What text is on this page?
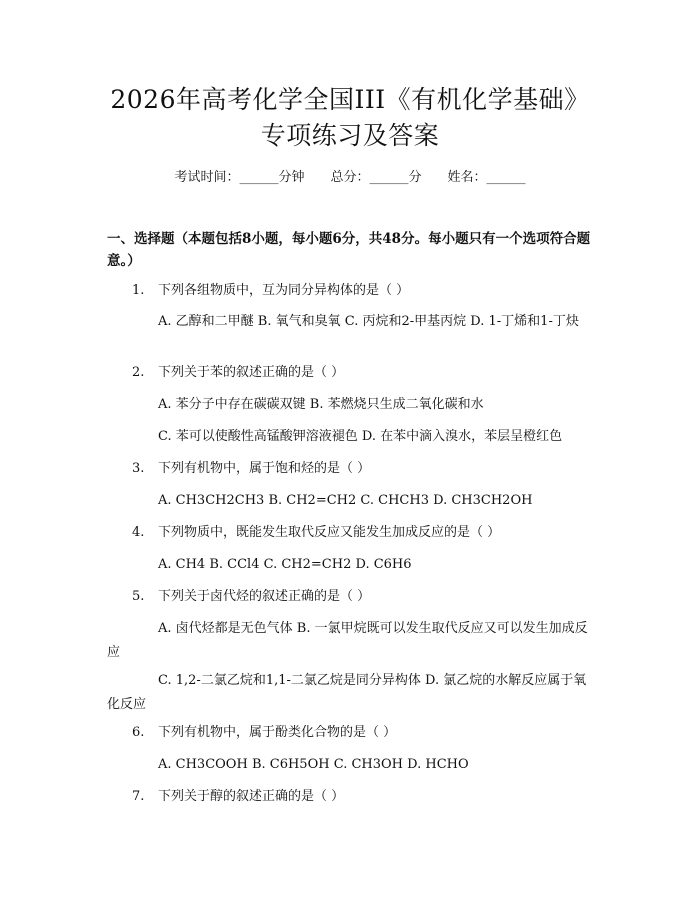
2026年高考化学全国III《有机化学基础》
专项练习及答案
考试时间：______分钟　　总分：______分　　姓名：______
一、选择题（本题包括8小题，每小题6分，共48分。每小题只有一个选项符合题意。）
1. 下列各组物质中，互为同分异构体的是（ ）
A. 乙醇和二甲醚 B. 氧气和臭氧 C. 丙烷和2-甲基丙烷 D. 1-丁烯和1-丁炔
2. 下列关于苯的叙述正确的是（ ）
A. 苯分子中存在碳碳双键 B. 苯燃烧只生成二氧化碳和水
C. 苯可以使酸性高锰酸钾溶液褪色 D. 在苯中滴入溴水，苯层呈橙红色
3. 下列有机物中，属于饱和烃的是（ ）
A. CH3CH2CH3 B. CH2=CH2 C. CHCH3 D. CH3CH2OH
4. 下列物质中，既能发生取代反应又能发生加成反应的是（ ）
A. CH4 B. CCl4 C. CH2=CH2 D. C6H6
5. 下列关于卤代烃的叙述正确的是（ ）
A. 卤代烃都是无色气体 B. 一氯甲烷既可以发生取代反应又可以发生加成反应
C. 1,2-二氯乙烷和1,1-二氯乙烷是同分异构体 D. 氯乙烷的水解反应属于氧化反应
6. 下列有机物中，属于酚类化合物的是（ ）
A. CH3COOH B. C6H5OH C. CH3OH D. HCHO
7. 下列关于醇的叙述正确的是（ ）
